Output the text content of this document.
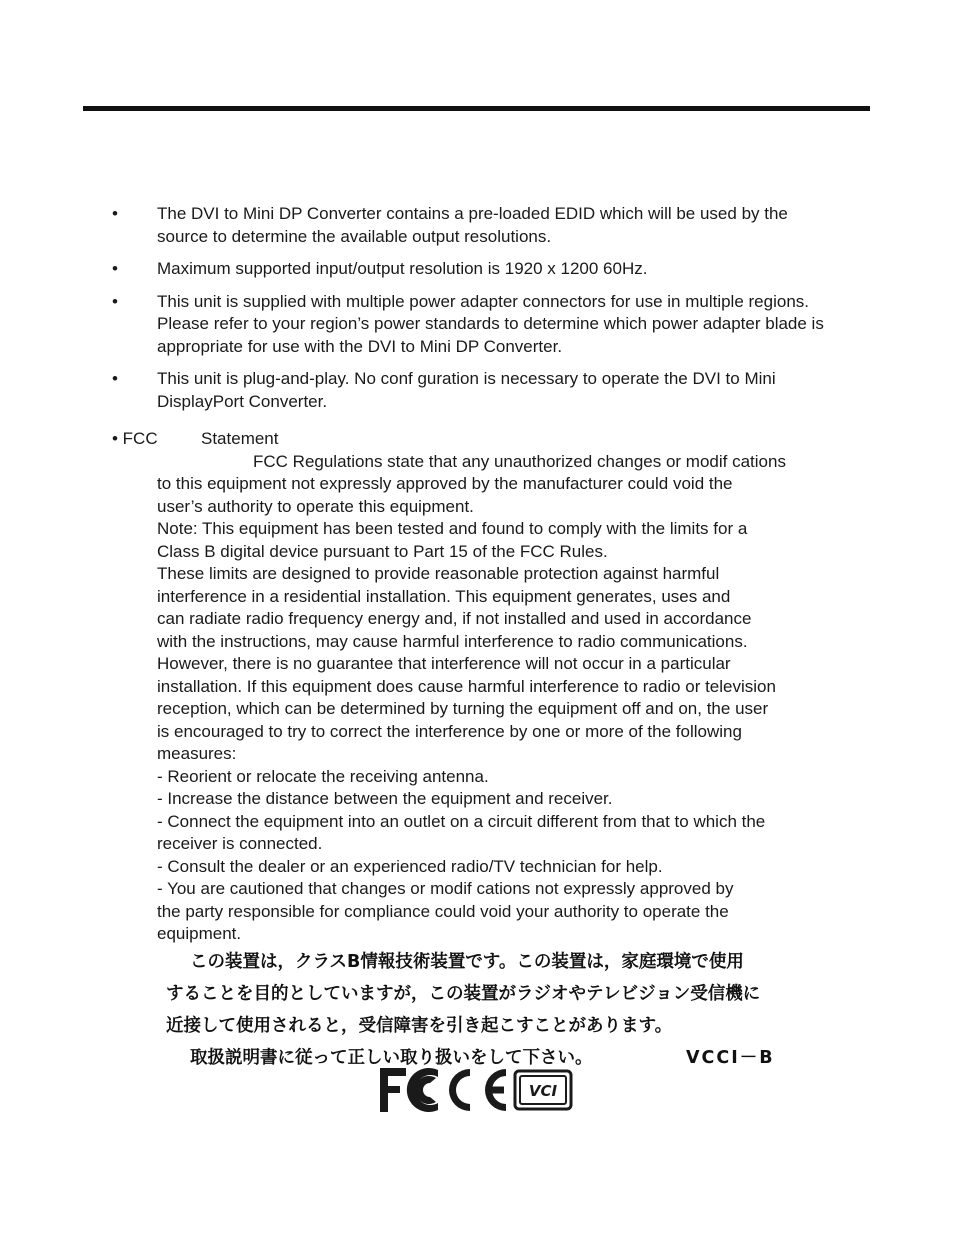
• The DVI to Mini DP Converter contains a pre-loaded EDID which will be used by the source to determine the available output resolutions.
• Maximum supported input/output resolution is 1920 x 1200 60Hz.
• This unit is supplied with multiple power adapter connectors for use in multiple regions. Please refer to your region’s power standards to determine which power adapter blade is appropriate for use with the DVI to Mini DP Converter.
• This unit is plug-and-play. No conf guration is necessary to operate the DVI to Mini DisplayPort Converter.
• FCC	Statement
FCC Regulations state that any unauthorized changes or modif cations
to this equipment not expressly approved by the manufacturer could void the
user’s authority to operate this equipment.
Note: This equipment has been tested and found to comply with the limits for a
Class B digital device pursuant to Part 15 of the FCC Rules.
These limits are designed to provide reasonable protection against harmful
interference in a residential installation. This equipment generates, uses and
can radiate radio frequency energy and, if not installed and used in accordance
with the instructions, may cause harmful interference to radio communications.
However, there is no guarantee that interference will not occur in a particular
installation. If this equipment does cause harmful interference to radio or television
reception, which can be determined by turning the equipment off and on, the user
is encouraged to try to correct the interference by one or more of the following
measures:
- Reorient or relocate the receiving antenna.
- Increase the distance between the equipment and receiver.
- Connect the equipment into an outlet on a circuit different from that to which the
receiver is connected.
- Consult the dealer or an experienced radio/TV technician for help.
- You are cautioned that changes or modif cations not expressly approved by
the party responsible for compliance could void your authority to operate the
equipment.
この装置は，クラスB情報技術装置です。この装置は，家庭環境で使用
することを目的としていますが，この装置がラジオやテレビジョン受信機に
近接して使用されると，受信障害を引き起こすことがあります。
取扱説明書に従って正しい取り扱いをして下さい。	VCCI－B
VCI
